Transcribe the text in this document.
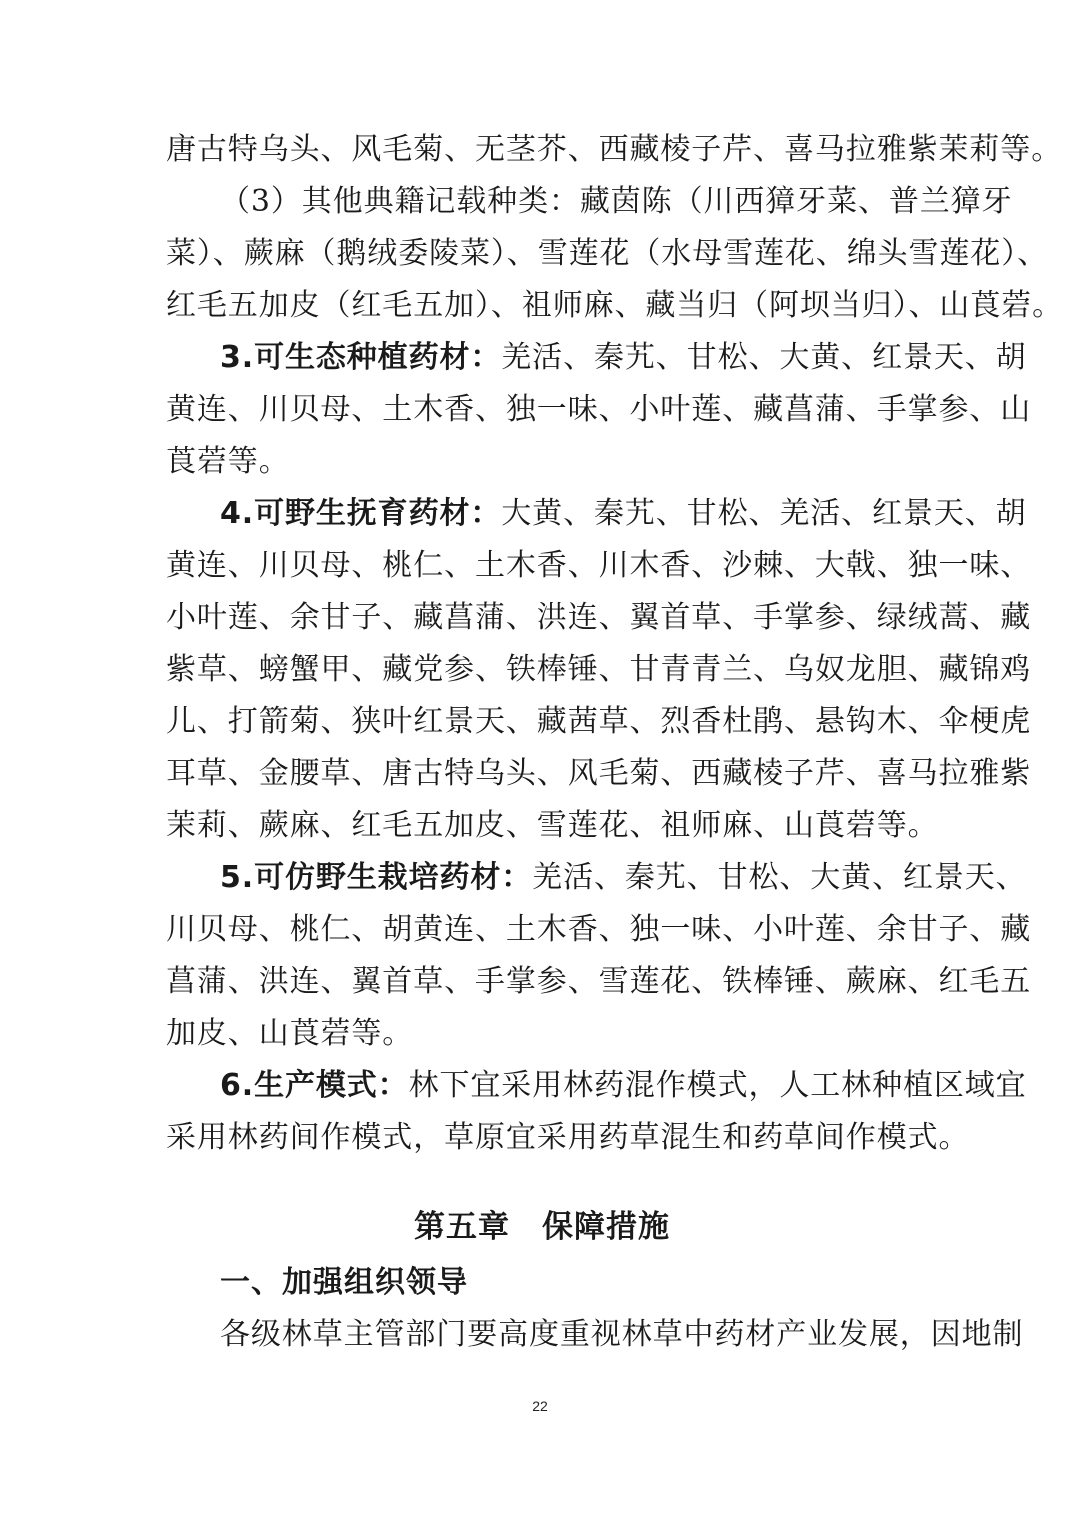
唐古特乌头、风毛菊、无茎芥、西藏棱子芹、喜马拉雅紫茉莉等。
（3）其他典籍记载种类：藏茵陈（川西獐牙菜、普兰獐牙
菜）、蕨麻（鹅绒委陵菜）、雪莲花（水母雪莲花、绵头雪莲花）、
红毛五加皮（红毛五加）、祖师麻、藏当归（阿坝当归）、山莨菪。
3.可生态种植药材：羌活、秦艽、甘松、大黄、红景天、胡
黄连、川贝母、土木香、独一味、小叶莲、藏菖蒲、手掌参、山
莨菪等。
4.可野生抚育药材：大黄、秦艽、甘松、羌活、红景天、胡
黄连、川贝母、桃仁、土木香、川木香、沙棘、大戟、独一味、
小叶莲、余甘子、藏菖蒲、洪连、翼首草、手掌参、绿绒蒿、藏
紫草、螃蟹甲、藏党参、铁棒锤、甘青青兰、乌奴龙胆、藏锦鸡
儿、打箭菊、狭叶红景天、藏茜草、烈香杜鹃、悬钩木、伞梗虎
耳草、金腰草、唐古特乌头、风毛菊、西藏棱子芹、喜马拉雅紫
茉莉、蕨麻、红毛五加皮、雪莲花、祖师麻、山莨菪等。
5.可仿野生栽培药材：羌活、秦艽、甘松、大黄、红景天、
川贝母、桃仁、胡黄连、土木香、独一味、小叶莲、余甘子、藏
菖蒲、洪连、翼首草、手掌参、雪莲花、铁棒锤、蕨麻、红毛五
加皮、山莨菪等。
6.生产模式：林下宜采用林药混作模式，人工林种植区域宜
采用林药间作模式，草原宜采用药草混生和药草间作模式。
第五章　保障措施
一、加强组织领导
各级林草主管部门要高度重视林草中药材产业发展，因地制
22
